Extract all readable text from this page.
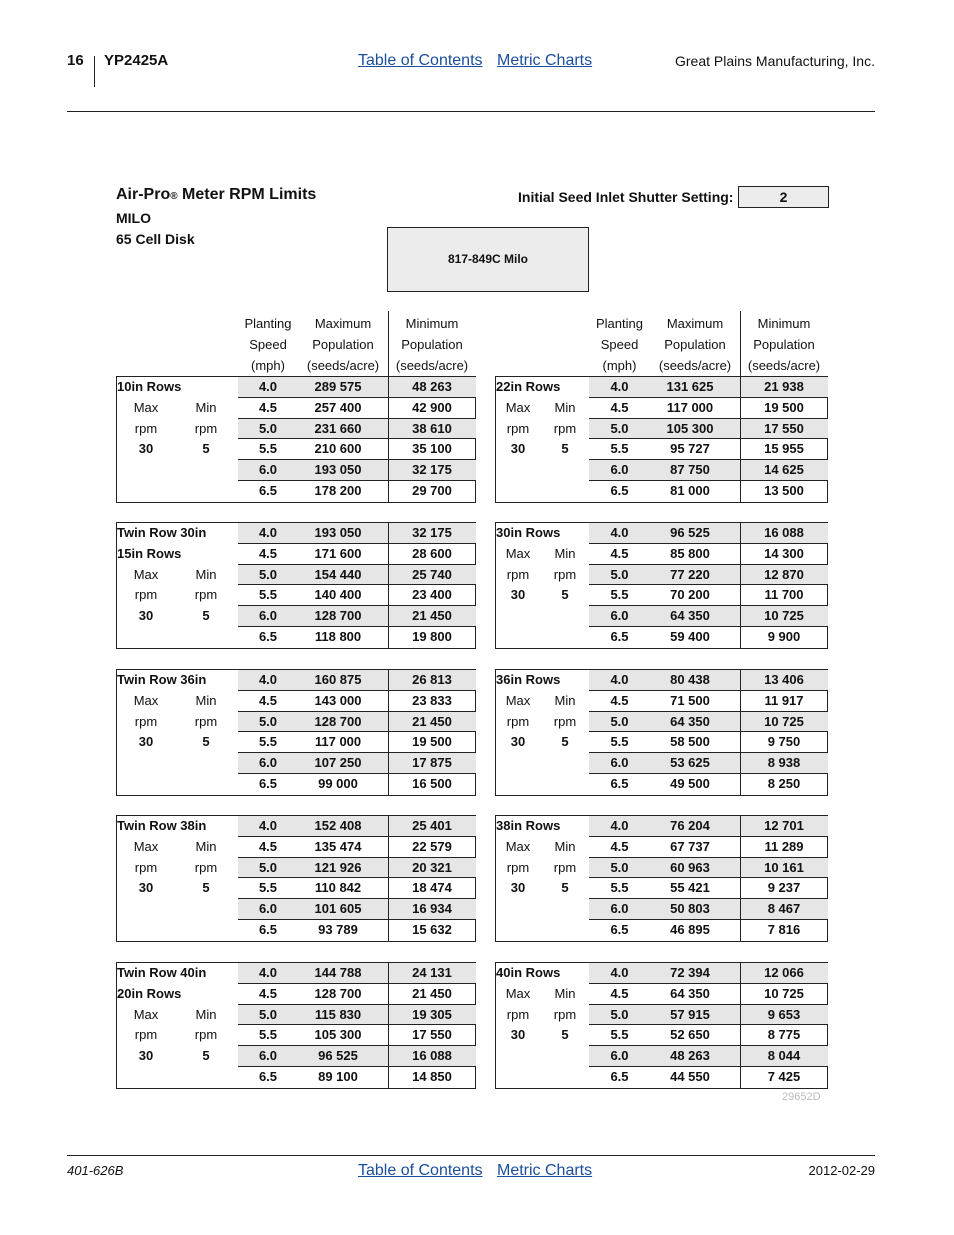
16 YP2425A	Table of Contents Metric Charts	Great Plains Manufacturing, Inc.
Air-Pro® Meter RPM Limits
MILO
65 Cell Disk
Initial Seed Inlet Shutter Setting:	2
817-849C Milo
Planting
Speed
(mph)
Maximum
Population
(seeds/acre)
Minimum
Population
(seeds/acre)
Planting
Speed
(mph)
Maximum
Population
(seeds/acre)
Minimum
Population
(seeds/acre)
10in Rows
Max	Min
rpm	rpm
30	5
4.0	289 575	48 263
4.5	257 400	42 900
5.0	231 660	38 610
5.5	210 600	35 100
6.0	193 050	32 175
6.5	178 200	29 700
Twin Row 30in
15in Rows
Max	Min
rpm	rpm
30	5
4.0	193 050	32 175
4.5	171 600	28 600
5.0	154 440	25 740
5.5	140 400	23 400
6.0	128 700	21 450
6.5	118 800	19 800
Twin Row 36in
Max	Min
rpm	rpm
30	5
4.0	160 875	26 813
4.5	143 000	23 833
5.0	128 700	21 450
5.5	117 000	19 500
6.0	107 250	17 875
6.5	99 000	16 500
Twin Row 38in
Max	Min
rpm	rpm
30	5
4.0	152 408	25 401
4.5	135 474	22 579
5.0	121 926	20 321
5.5	110 842	18 474
6.0	101 605	16 934
6.5	93 789	15 632
Twin Row 40in
20in Rows
Max	Min
rpm	rpm
30	5
4.0	144 788	24 131
4.5	128 700	21 450
5.0	115 830	19 305
5.5	105 300	17 550
6.0	96 525	16 088
6.5	89 100	14 850
22in Rows
Max	Min
rpm	rpm
30	5
4.0	131 625	21 938
4.5	117 000	19 500
5.0	105 300	17 550
5.5	95 727	15 955
6.0	87 750	14 625
6.5	81 000	13 500
30in Rows
Max	Min
rpm	rpm
30	5
4.0	96 525	16 088
4.5	85 800	14 300
5.0	77 220	12 870
5.5	70 200	11 700
6.0	64 350	10 725
6.5	59 400	9 900
36in Rows
Max	Min
rpm	rpm
30	5
4.0	80 438	13 406
4.5	71 500	11 917
5.0	64 350	10 725
5.5	58 500	9 750
6.0	53 625	8 938
6.5	49 500	8 250
38in Rows
Max	Min
rpm	rpm
30	5
4.0	76 204	12 701
4.5	67 737	11 289
5.0	60 963	10 161
5.5	55 421	9 237
6.0	50 803	8 467
6.5	46 895	7 816
40in Rows
Max	Min
rpm	rpm
30	5
4.0	72 394	12 066
4.5	64 350	10 725
5.0	57 915	9 653
5.5	52 650	8 775
6.0	48 263	8 044
6.5	44 550	7 425
29652D
401-626B	Table of Contents Metric Charts	2012-02-29
